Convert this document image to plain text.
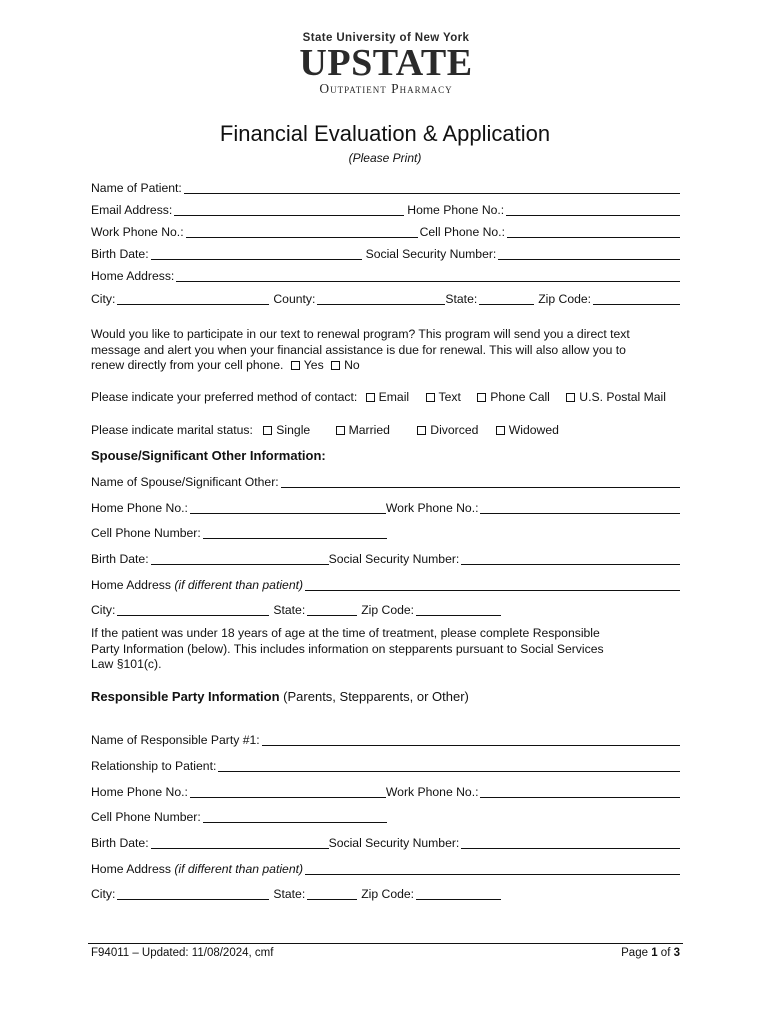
State University of New York
UPSTATE
Outpatient Pharmacy
Financial Evaluation & Application
(Please Print)
Name of Patient:
Email Address:	Home Phone No.:
Work Phone No.:	Cell Phone No.:
Birth Date:	Social Security Number:
Home Address:
City:	County:	State:	Zip Code:
Would you like to participate in our text to renewal program? This program will send you a direct text
message and alert you when your financial assistance is due for renewal. This will also allow you to
renew directly from your cell phone. Yes No
Please indicate your preferred method of contact: Email Text Phone Call U.S. Postal Mail
Please indicate marital status: Single	Married	Divorced Widowed
Spouse/Significant Other Information:
Name of Spouse/Significant Other:
Home Phone No.:	Work Phone No.:
Cell Phone Number:
Birth Date:	Social Security Number:
Home Address (if different than patient)
City:	State:	Zip Code:
If the patient was under 18 years of age at the time of treatment, please complete Responsible
Party Information (below). This includes information on stepparents pursuant to Social Services
Law §101(c).
Responsible Party Information (Parents, Stepparents, or Other)
Name of Responsible Party #1:
Relationship to Patient:
Home Phone No.:	Work Phone No.:
Cell Phone Number:
Birth Date:	Social Security Number:
Home Address (if different than patient)
City:	State:	Zip Code:
F94011 – Updated: 11/08/2024, cmf	Page 1 of 3
